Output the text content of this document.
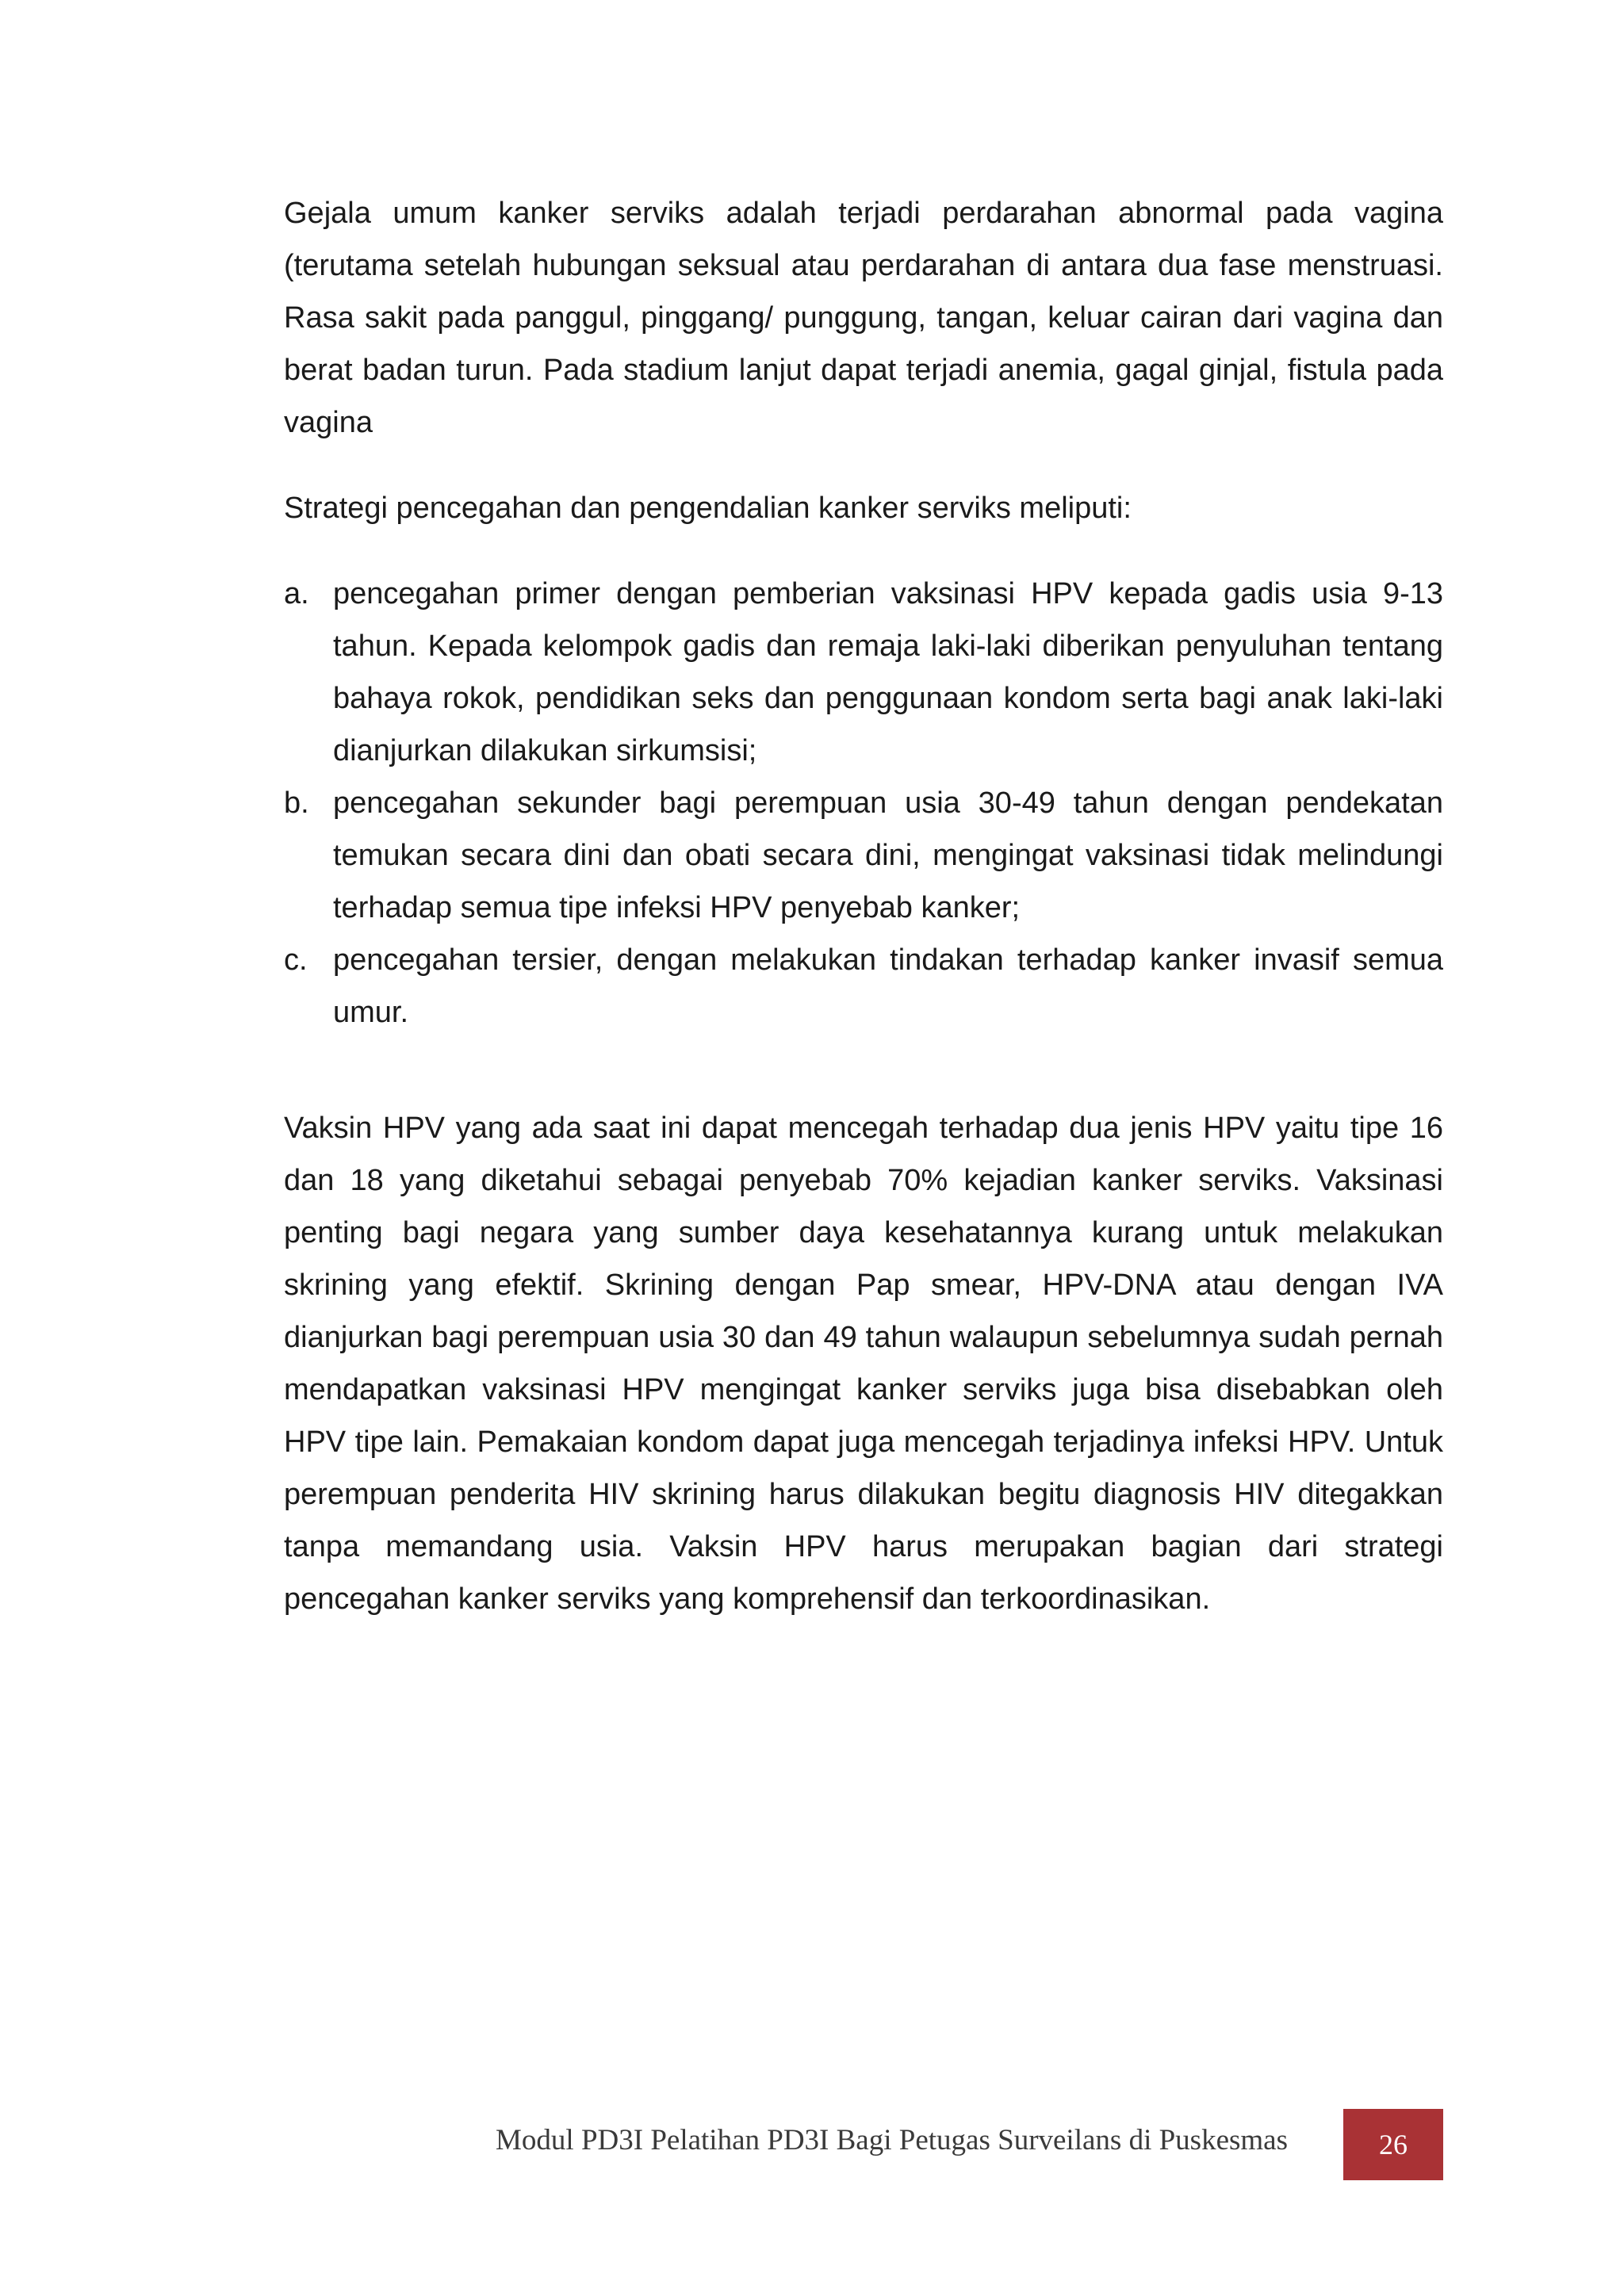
Gejala umum kanker serviks adalah terjadi perdarahan abnormal pada vagina (terutama setelah hubungan seksual atau perdarahan di antara dua fase menstruasi. Rasa sakit pada panggul, pinggang/ punggung, tangan, keluar cairan dari vagina dan berat badan turun. Pada stadium lanjut dapat terjadi anemia, gagal ginjal, fistula pada vagina

Strategi pencegahan dan pengendalian kanker serviks meliputi:

a. pencegahan primer dengan pemberian vaksinasi HPV kepada gadis usia 9-13 tahun. Kepada kelompok gadis dan remaja laki-laki diberikan penyuluhan tentang bahaya rokok, pendidikan seks dan penggunaan kondom serta bagi anak laki-laki dianjurkan dilakukan sirkumsisi;
b. pencegahan sekunder bagi perempuan usia 30-49 tahun dengan pendekatan temukan secara dini dan obati secara dini, mengingat vaksinasi tidak melindungi terhadap semua tipe infeksi HPV penyebab kanker;
c. pencegahan tersier, dengan melakukan tindakan terhadap kanker invasif semua umur.

Vaksin HPV yang ada saat ini dapat mencegah terhadap dua jenis HPV yaitu tipe 16 dan 18 yang diketahui sebagai penyebab 70% kejadian kanker serviks. Vaksinasi penting bagi negara yang sumber daya kesehatannya kurang untuk melakukan skrining yang efektif. Skrining dengan Pap smear, HPV-DNA atau dengan IVA dianjurkan bagi perempuan usia 30 dan 49 tahun walaupun sebelumnya sudah pernah mendapatkan vaksinasi HPV mengingat kanker serviks juga bisa disebabkan oleh HPV tipe lain. Pemakaian kondom dapat juga mencegah terjadinya infeksi HPV. Untuk perempuan penderita HIV skrining harus dilakukan begitu diagnosis HIV ditegakkan tanpa memandang usia. Vaksin HPV harus merupakan bagian dari strategi pencegahan kanker serviks yang komprehensif dan terkoordinasikan.

Modul PD3I Pelatihan PD3I Bagi Petugas Surveilans di Puskesmas	26
